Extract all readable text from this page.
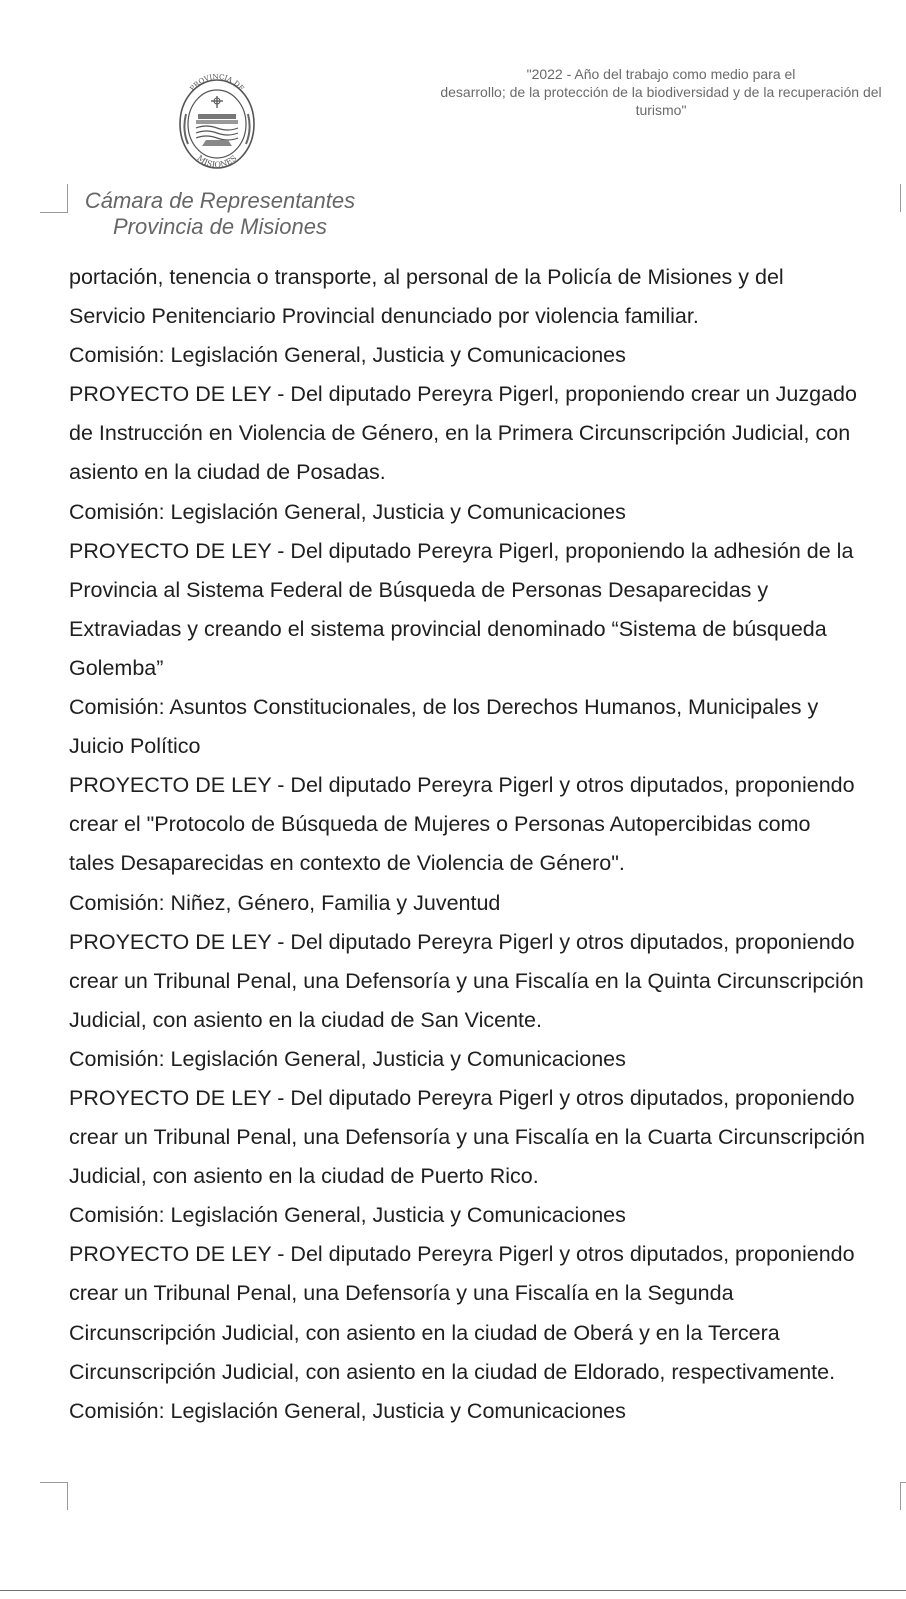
PROVINCIA DE
MISIONES
"2022 - Año del trabajo como medio para el
desarrollo; de la protección de la biodiversidad y de la recuperación del
turismo"
Cámara de Representantes
Provincia de Misiones
portación, tenencia o transporte, al personal de la Policía de Misiones y del
Servicio Penitenciario Provincial denunciado por violencia familiar.
Comisión: Legislación General, Justicia y Comunicaciones
PROYECTO DE LEY - Del diputado Pereyra Pigerl, proponiendo crear un Juzgado
de Instrucción en Violencia de Género, en la Primera Circunscripción Judicial, con
asiento en la ciudad de Posadas.
Comisión: Legislación General, Justicia y Comunicaciones
PROYECTO DE LEY - Del diputado Pereyra Pigerl, proponiendo la adhesión de la
Provincia al Sistema Federal de Búsqueda de Personas Desaparecidas y
Extraviadas y creando el sistema provincial denominado “Sistema de búsqueda
Golemba”
Comisión: Asuntos Constitucionales, de los Derechos Humanos, Municipales y
Juicio Político
PROYECTO DE LEY - Del diputado Pereyra Pigerl y otros diputados, proponiendo
crear el "Protocolo de Búsqueda de Mujeres o Personas Autopercibidas como
tales Desaparecidas en contexto de Violencia de Género".
Comisión: Niñez, Género, Familia y Juventud
PROYECTO DE LEY - Del diputado Pereyra Pigerl y otros diputados, proponiendo
crear un Tribunal Penal, una Defensoría y una Fiscalía en la Quinta Circunscripción
Judicial, con asiento en la ciudad de San Vicente.
Comisión: Legislación General, Justicia y Comunicaciones
PROYECTO DE LEY - Del diputado Pereyra Pigerl y otros diputados, proponiendo
crear un Tribunal Penal, una Defensoría y una Fiscalía en la Cuarta Circunscripción
Judicial, con asiento en la ciudad de Puerto Rico.
Comisión: Legislación General, Justicia y Comunicaciones
PROYECTO DE LEY - Del diputado Pereyra Pigerl y otros diputados, proponiendo
crear un Tribunal Penal, una Defensoría y una Fiscalía en la Segunda
Circunscripción Judicial, con asiento en la ciudad de Oberá y en la Tercera
Circunscripción Judicial, con asiento en la ciudad de Eldorado, respectivamente.
Comisión: Legislación General, Justicia y Comunicaciones
